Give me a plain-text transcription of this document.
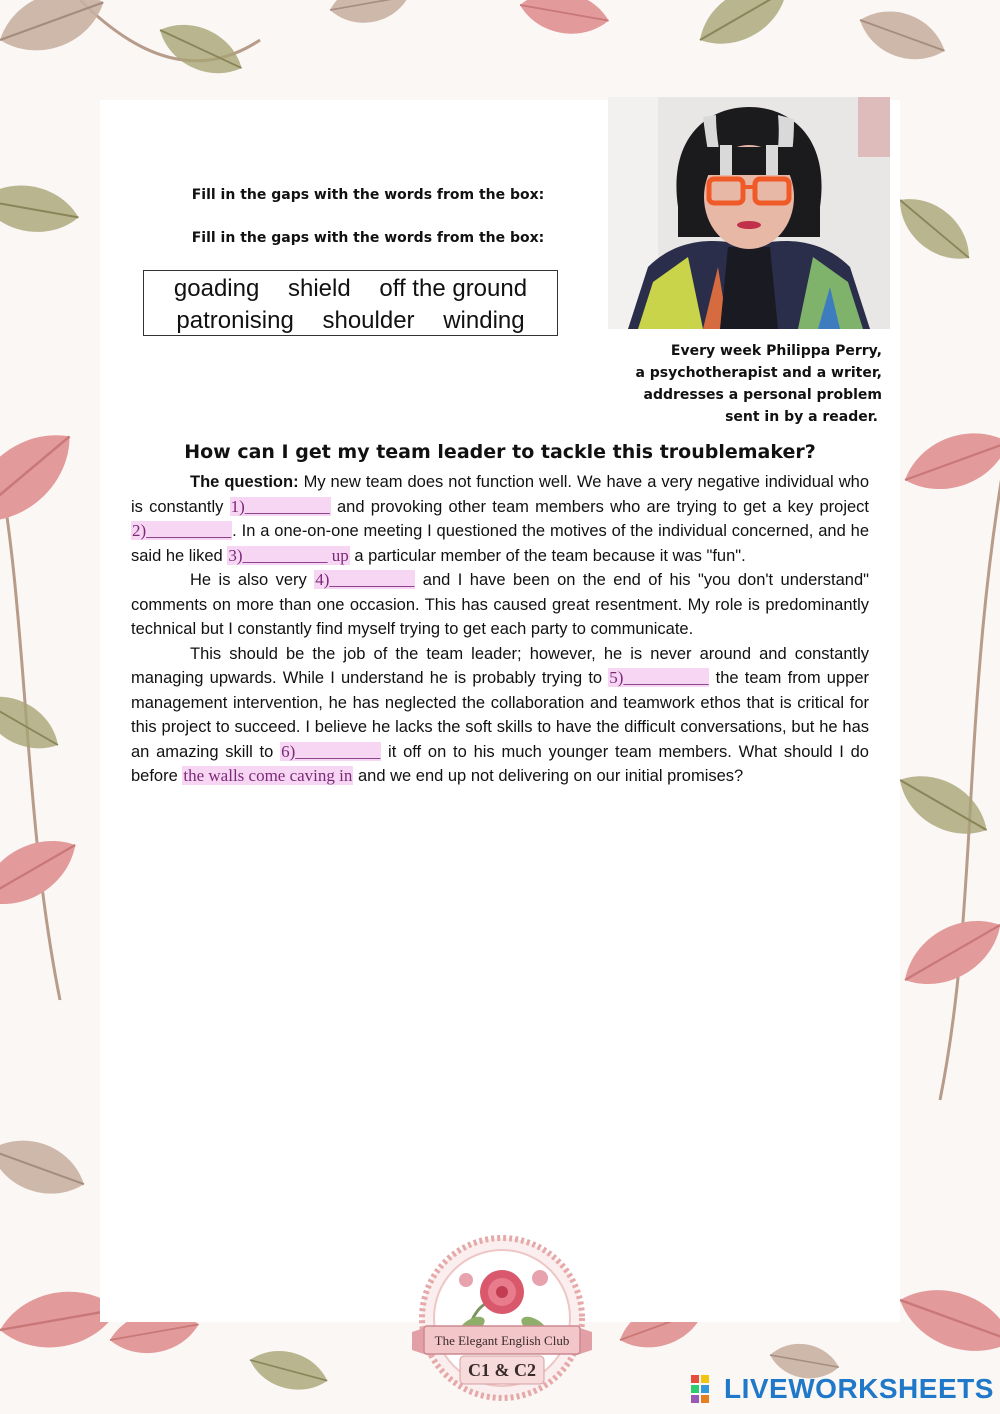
Fill in the gaps with the words from the box:
Fill in the gaps with the words from the box:
goading shield off the ground
patronising shoulder winding
Every week Philippa Perry,
a psychotherapist and a writer,
addresses a personal problem
sent in by a reader.
How can I get my team leader to tackle this troublemaker?

The question: My new team does not function well. We have a very negative individual who is constantly 1)__________ and provoking other team members who are trying to get a key project 2)__________. In a one-on-one meeting I questioned the motives of the individual concerned, and he said he liked 3)__________ up a particular member of the team because it was "fun".

He is also very 4)__________ and I have been on the end of his "you don't understand" comments on more than one occasion. This has caused great resentment. My role is predominantly technical but I constantly find myself trying to get each party to communicate.

This should be the job of the team leader; however, he is never around and constantly managing upwards. While I understand he is probably trying to 5)__________ the team from upper management intervention, he has neglected the collaboration and teamwork ethos that is critical for this project to succeed. I believe he lacks the soft skills to have the difficult conversations, but he has an amazing skill to 6)__________ it off on to his much younger team members. What should I do before the walls come caving in and we end up not delivering on our initial promises?

The Elegant English Club
C1 & C2
LIVEWORKSHEETS
